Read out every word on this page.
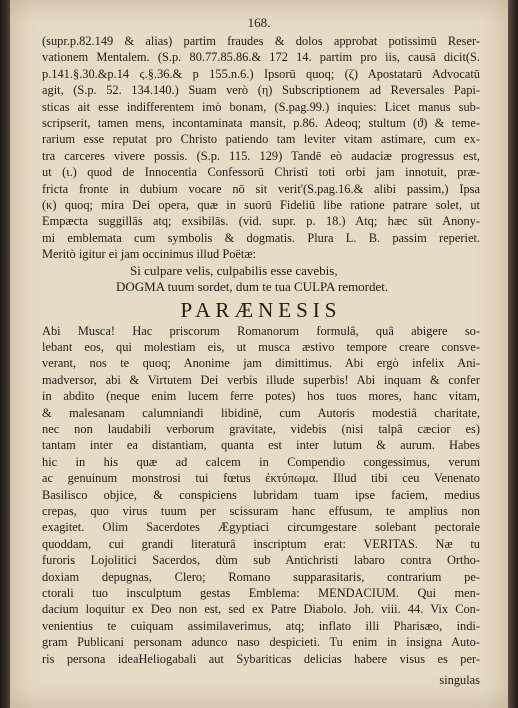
168.
(supr.p.82.149 & alias) partim fraudes & dolos approbat potissimū Reser-
vationem Mentalem. (S.p. 80.77.85.86.& 172 14. partim pro iis, causā dicit(S.
p.141.§.30.&p.14 ϛ.§.36.& p 155.n.6.) Ipsorū quoq; (ζ) Apostatarū Advocatū
agit, (S.p. 52. 134.140.) Suam verò (η) Subscriptionem ad Reversales Papi-
sticas ait esse indifferentem imò bonam, (S.pag.99.) inquies: Licet manus sub-
scripserit, tamen mens, incontaminata mansit, p.86. Adeoq; stultum (ϑ) & teme-
rarium esse reputat pro Christo patiendo tam leviter vitam astimare, cum ex-
tra carceres vivere possis. (S.p. 115. 129) Tandē eò audaciæ progressus est,
ut (ι.) quod de Innocentia Confessorū Christi toti orbi jam innotuit, præ-
fricta fronte in dubium vocare nō sit verit'(S.pag.16.& alibi passim,) Ipsa
(κ) quoq; mira Dei opera, quæ in suorū Fideliū libe ratione patrare solet, ut
Empæcta suggillās atq; exsibilās. (vid. supr. p. 18.) Atq; hæc sūt Anony-
mi emblemata cum symbolis & dogmatis. Plura L. B. passim reperiet.
Meritò igitur ei jam occinimus illud Poëtæ:
Si culpare velis, culpabilis esse cavebis,
DOGMA tuum sordet, dum te tua CULPA remordet.
PARÆNESIS
Abi Musca! Hac priscorum Romanorum formulâ, quâ abigere so-
lebant eos, qui molestiam eis, ut musca æstivo tempore creare consve-
verant, nos te quoq; Anonime jam dimittimus. Abi ergò infelix Ani-
madversor, abi & Virtutem Dei verbis illude superbis! Abi inquam & confer
in abdito (neque enim lucem ferre potes) hos tuos mores, hanc vitam,
& malesanam calumniandi libidinē, cum Autoris modestiâ charitate,
nec non laudabili verborum gravitate, videbis (nisi talpâ cæcior es)
tantam inter ea distantiam, quanta est inter lutum & aurum. Habes
hic in his quæ ad calcem in Compendio congessimus, verum
ac genuinum monstrosi tui fœtus ἐκτύπωμα. Illud tibi ceu Venenato
Basilisco objice, & conspiciens lubridam tuam ipse faciem, medius
crepas, quo virus tuum per scissuram hanc effusum, te amplius non
exagitet. Olim Sacerdotes Ægyptiaci circumgestare solebant pectorale
quoddam, cui grandi literaturâ inscriptum erat: VERITAS. Næ tu
furoris Lojolitici Sacerdos, dùm sub Antichristi labaro contra Ortho-
doxiam depugnas, Clero; Romano supparasitaris, contrarium pe-
ctorali tuo insculptum gestas Emblema: MENDACIUM. Qui men-
dacium loquitur ex Deo non est, sed ex Patre Diabolo. Joh. viii. 44. Vix Con-
venientius te cuiquam assimilaverimus, atq; inflato illi Pharisæo, indi-
gram Publicani personam adunco naso despicieti. Tu enim in insigna Auto-
ris persona ideaHeliogabali aut Sybariticas delicias habere visus es per-
singulas
